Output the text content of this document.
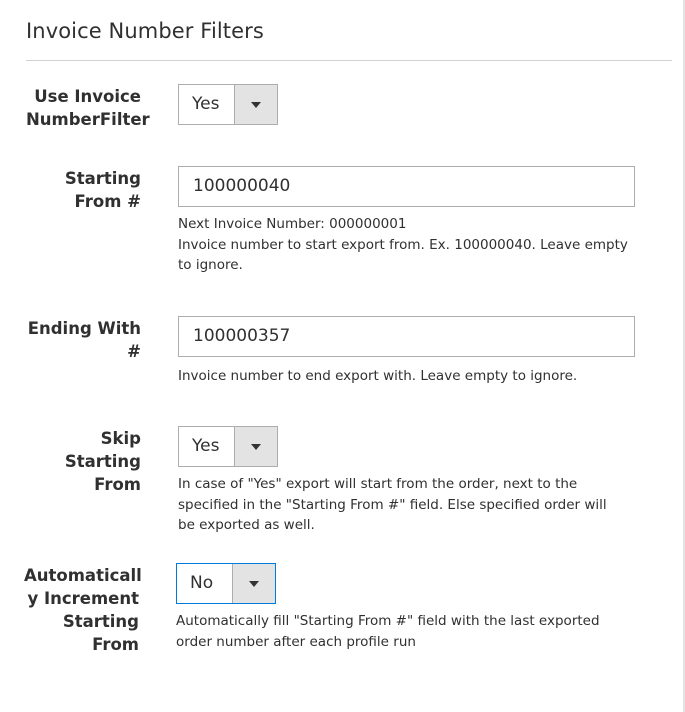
Invoice Number Filters
Use Invoice
NumberFilter
Yes
Starting
From #
100000040
Next Invoice Number: 000000001
Invoice number to start export from. Ex. 100000040. Leave empty
to ignore.
Ending With
#
100000357
Invoice number to end export with. Leave empty to ignore.
Skip Starting
From
Yes
In case of "Yes" export will start from the order, next to the
specified in the "Starting From #" field. Else specified order will
be exported as well.
Automaticall
y Increment
Starting
From
No
Automatically fill "Starting From #" field with the last exported
order number after each profile run
